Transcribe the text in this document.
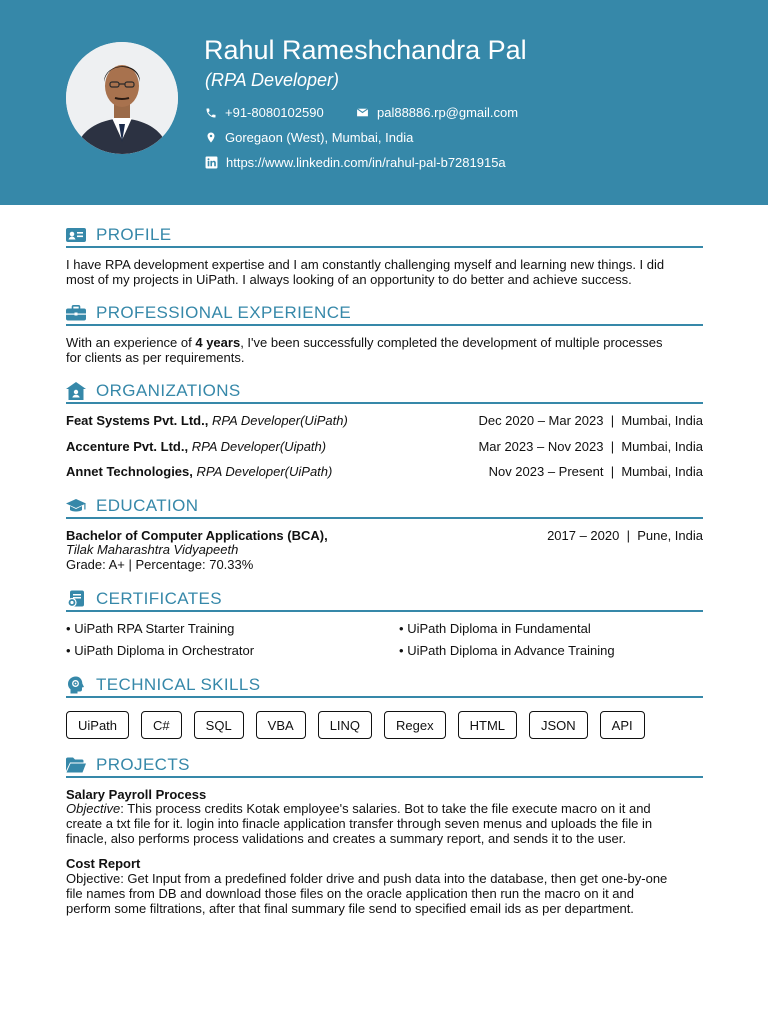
Rahul Rameshchandra Pal
(RPA Developer)
+91-8080102590	pal88886.rp@gmail.com
Goregaon (West), Mumbai, India
https://www.linkedin.com/in/rahul-pal-b7281915a
PROFILE
I have RPA development expertise and I am constantly challenging myself and learning new things. I did
most of my projects in UiPath. I always looking of an opportunity to do better and achieve success.
PROFESSIONAL EXPERIENCE
With an experience of 4 years, I've been successfully completed the development of multiple processes
for clients as per requirements.
ORGANIZATIONS
Feat Systems Pvt. Ltd., RPA Developer(UiPath)	Dec 2020 – Mar 2023 | Mumbai, India
Accenture Pvt. Ltd., RPA Developer(Uipath)	Mar 2023 – Nov 2023 | Mumbai, India
Annet Technologies, RPA Developer(UiPath)	Nov 2023 – Present | Mumbai, India
EDUCATION
Bachelor of Computer Applications (BCA),	2017 – 2020 | Pune, India
Tilak Maharashtra Vidyapeeth
Grade: A+ | Percentage: 70.33%
CERTIFICATES
• UiPath RPA Starter Training	• UiPath Diploma in Fundamental
• UiPath Diploma in Orchestrator	• UiPath Diploma in Advance Training
TECHNICAL SKILLS
UiPath	C#	SQL	VBA	LINQ	Regex	HTML	JSON	API
PROJECTS
Salary Payroll Process
Objective: This process credits Kotak employee's salaries. Bot to take the file execute macro on it and
create a txt file for it. login into finacle application transfer through seven menus and uploads the file in
finacle, also performs process validations and creates a summary report, and sends it to the user.
Cost Report
Objective: Get Input from a predefined folder drive and push data into the database, then get one-by-one
file names from DB and download those files on the oracle application then run the macro on it and
perform some filtrations, after that final summary file send to specified email ids as per department.
